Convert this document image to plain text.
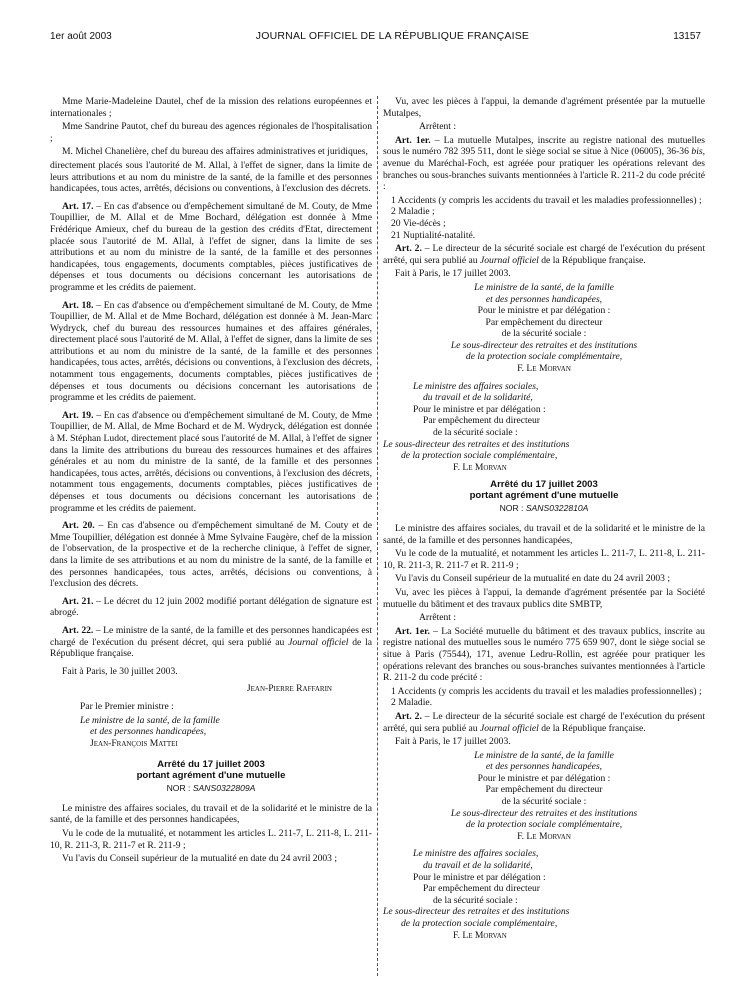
1er août 2003	JOURNAL OFFICIEL DE LA RÉPUBLIQUE FRANÇAISE	13157

Mme Marie-Madeleine Dautel, chef de la mission des relations européennes et internationales ;

Mme Sandrine Pautot, chef du bureau des agences régionales de l'hospitalisation ;

M. Michel Chanelière, chef du bureau des affaires administratives et juridiques,

directement placés sous l'autorité de M. Allal, à l'effet de signer, dans la limite de leurs attributions et au nom du ministre de la santé, de la famille et des personnes handicapées, tous actes, arrêtés, décisions ou conventions, à l'exclusion des décrets.

Art. 17. – En cas d'absence ou d'empêchement simultané de M. Couty, de Mme Toupillier, de M. Allal et de Mme Bochard, délégation est donnée à Mme Frédérique Amieux, chef du bureau de la gestion des crédits d'Etat, directement placée sous l'autorité de M. Allal, à l'effet de signer, dans la limite de ses attributions et au nom du ministre de la santé, de la famille et des personnes handicapées, tous engagements, documents comptables, pièces justificatives de dépenses et tous documents ou décisions concernant les autorisations de programme et les crédits de paiement.

Art. 18. – En cas d'absence ou d'empêchement simultané de M. Couty, de Mme Toupillier, de M. Allal et de Mme Bochard, délégation est donnée à M. Jean-Marc Wydryck, chef du bureau des ressources humaines et des affaires générales, directement placé sous l'autorité de M. Allal, à l'effet de signer, dans la limite de ses attributions et au nom du ministre de la santé, de la famille et des personnes handicapées, tous actes, arrêtés, décisions ou conventions, à l'exclusion des décrets, notamment tous engagements, documents comptables, pièces justificatives de dépenses et tous documents ou décisions concernant les autorisations de programme et les crédits de paiement.

Art. 19. – En cas d'absence ou d'empêchement simultané de M. Couty, de Mme Toupillier, de M. Allal, de Mme Bochard et de M. Wydryck, délégation est donnée à M. Stéphan Ludot, directement placé sous l'autorité de M. Allal, à l'effet de signer dans la limite des attributions du bureau des ressources humaines et des affaires générales et au nom du ministre de la santé, de la famille et des personnes handicapées, tous actes, arrêtés, décisions ou conventions, à l'exclusion des décrets, notamment tous engagements, documents comptables, pièces justificatives de dépenses et tous documents ou décisions concernant les autorisations de programme et les crédits de paiement.

Art. 20. – En cas d'absence ou d'empêchement simultané de M. Couty et de Mme Toupillier, délégation est donnée à Mme Sylvaine Faugère, chef de la mission de l'observation, de la prospective et de la recherche clinique, à l'effet de signer, dans la limite de ses attributions et au nom du ministre de la santé, de la famille et des personnes handicapées, tous actes, arrêtés, décisions ou conventions, à l'exclusion des décrets.

Art. 21. – Le décret du 12 juin 2002 modifié portant délégation de signature est abrogé.

Art. 22. – Le ministre de la santé, de la famille et des personnes handicapées est chargé de l'exécution du présent décret, qui sera publié au Journal officiel de la République française.

Fait à Paris, le 30 juillet 2003.

Jean-Pierre Raffarin

Par le Premier ministre :

Le ministre de la santé, de la famille

et des personnes handicapées,

Jean-François Mattei

Arrêté du 17 juillet 2003
portant agrément d'une mutuelle
NOR : SANS0322809A

Le ministre des affaires sociales, du travail et de la solidarité et le ministre de la santé, de la famille et des personnes handicapées,

Vu le code de la mutualité, et notamment les articles L. 211-7, L. 211-8, L. 211-10, R. 211-3, R. 211-7 et R. 211-9 ;

Vu l'avis du Conseil supérieur de la mutualité en date du 24 avril 2003 ;

Vu, avec les pièces à l'appui, la demande d'agrément présentée par la mutuelle Mutalpes,

Arrêtent :

Art. 1er. – La mutuelle Mutalpes, inscrite au registre national des mutuelles sous le numéro 782 395 511, dont le siège social se situe à Nice (06005), 36-36 bis, avenue du Maréchal-Foch, est agréée pour pratiquer les opérations relevant des branches ou sous-branches suivants mentionnées à l'article R. 211-2 du code précité :

1 Accidents (y compris les accidents du travail et les maladies professionnelles) ;

2 Maladie ;

20 Vie-décès ;

21 Nuptialité-natalité.

Art. 2. – Le directeur de la sécurité sociale est chargé de l'exécution du présent arrêté, qui sera publié au Journal officiel de la République française.

Fait à Paris, le 17 juillet 2003.

Le ministre de la santé, de la famille

et des personnes handicapées,

Pour le ministre et par délégation :

Par empêchement du directeur

de la sécurité sociale :

Le sous-directeur des retraites et des institutions

de la protection sociale complémentaire,

F. Le Morvan

Le ministre des affaires sociales,

du travail et de la solidarité,

Pour le ministre et par délégation :

Par empêchement du directeur

de la sécurité sociale :

Le sous-directeur des retraites et des institutions

de la protection sociale complémentaire,

F. Le Morvan

Arrêté du 17 juillet 2003
portant agrément d'une mutuelle
NOR : SANS0322810A

Le ministre des affaires sociales, du travail et de la solidarité et le ministre de la santé, de la famille et des personnes handicapées,

Vu le code de la mutualité, et notamment les articles L. 211-7, L. 211-8, L. 211-10, R. 211-3, R. 211-7 et R. 211-9 ;

Vu l'avis du Conseil supérieur de la mutualité en date du 24 avril 2003 ;

Vu, avec les pièces à l'appui, la demande d'agrément présentée par la Société mutuelle du bâtiment et des travaux publics dite SMBTP,

Arrêtent :

Art. 1er. – La Société mutuelle du bâtiment et des travaux publics, inscrite au registre national des mutuelles sous le numéro 775 659 907, dont le siège social se situe à Paris (75544), 171, avenue Ledru-Rollin, est agréée pour pratiquer les opérations relevant des branches ou sous-branches suivantes mentionnées à l'article R. 211-2 du code précité :

1 Accidents (y compris les accidents du travail et les maladies professionnelles) ;

2 Maladie.

Art. 2. – Le directeur de la sécurité sociale est chargé de l'exécution du présent arrêté, qui sera publié au Journal officiel de la République française.

Fait à Paris, le 17 juillet 2003.

Le ministre de la santé, de la famille

et des personnes handicapées,

Pour le ministre et par délégation :

Par empêchement du directeur

de la sécurité sociale :

Le sous-directeur des retraites et des institutions

de la protection sociale complémentaire,

F. Le Morvan

Le ministre des affaires sociales,

du travail et de la solidarité,

Pour le ministre et par délégation :

Par empêchement du directeur

de la sécurité sociale :

Le sous-directeur des retraites et des institutions

de la protection sociale complémentaire,

F. Le Morvan
